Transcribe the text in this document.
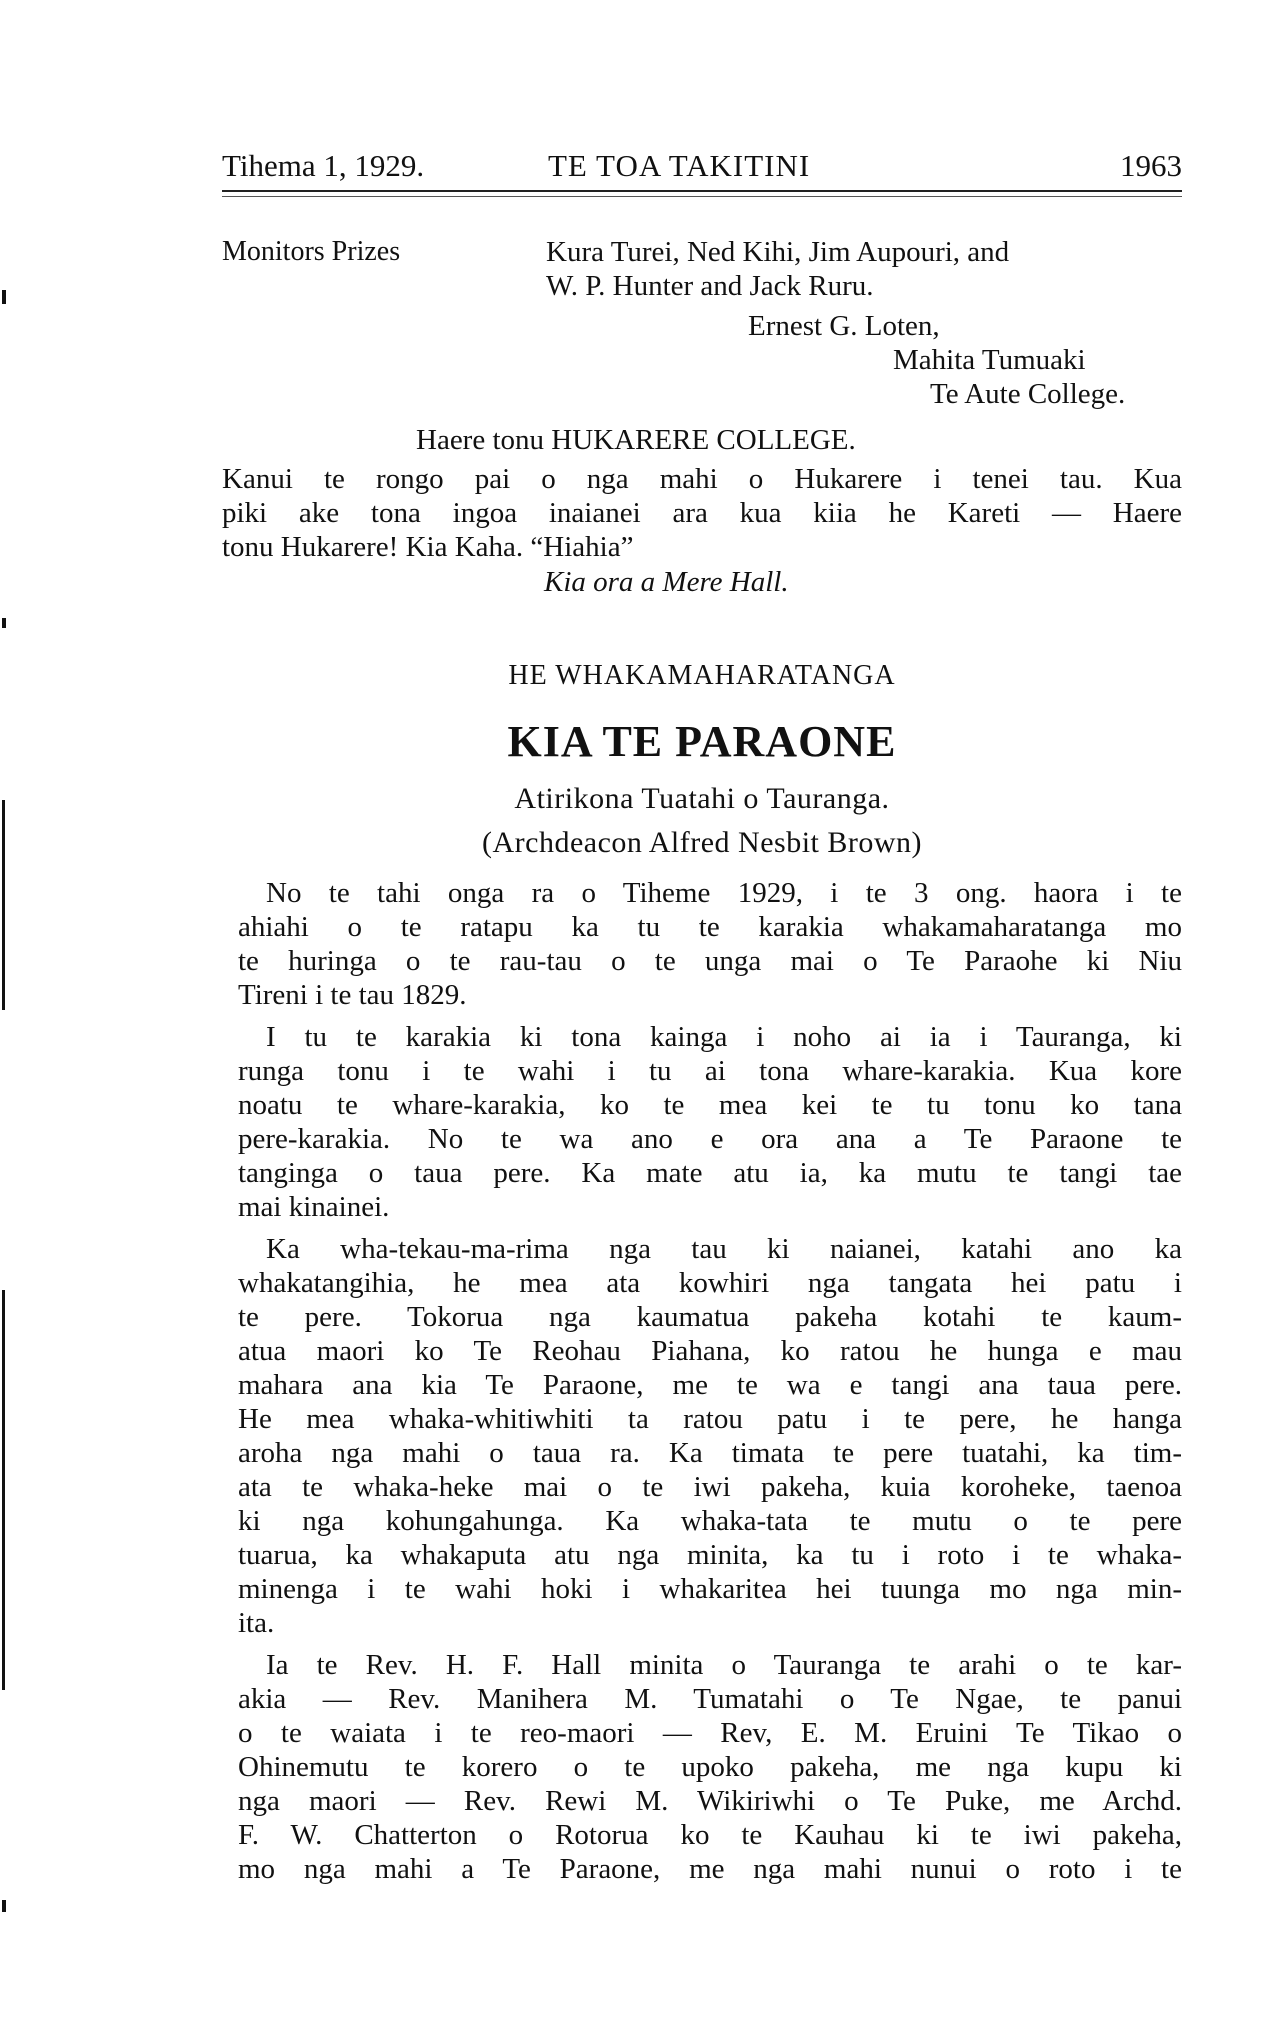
Tihema 1, 1929.	TE TOA TAKITINI	1963
Monitors Prizes	Kura Turei, Ned Kihi, Jim Aupouri, and
W. P. Hunter and Jack Ruru.
Ernest G. Loten,
Mahita Tumuaki
Te Aute College.
Haere tonu HUKARERE COLLEGE.
Kanui te rongo pai o nga mahi o Hukarere i tenei tau. Kua
piki ake tona ingoa inaianei ara kua kiia he Kareti — Haere
tonu Hukarere! Kia Kaha. “Hiahia”
Kia ora a Mere Hall.
HE WHAKAMAHARATANGA
KIA TE PARAONE
Atirikona Tuatahi o Tauranga.
(Archdeacon Alfred Nesbit Brown)
No te tahi onga ra o Tiheme 1929, i te 3 ong. haora i te
ahiahi o te ratapu ka tu te karakia whakamaharatanga mo
te huringa o te rau-tau o te unga mai o Te Paraohe ki Niu
Tireni i te tau 1829.
I tu te karakia ki tona kainga i noho ai ia i Tauranga, ki
runga tonu i te wahi i tu ai tona whare-karakia. Kua kore
noatu te whare-karakia, ko te mea kei te tu tonu ko tana
pere-karakia. No te wa ano e ora ana a Te Paraone te
tanginga o taua pere. Ka mate atu ia, ka mutu te tangi tae
mai kinainei.
Ka wha-tekau-ma-rima nga tau ki naianei, katahi ano ka
whakatangihia, he mea ata kowhiri nga tangata hei patu i
te pere. Tokorua nga kaumatua pakeha kotahi te kaum-
atua maori ko Te Reohau Piahana, ko ratou he hunga e mau
mahara ana kia Te Paraone, me te wa e tangi ana taua pere.
He mea whaka-whitiwhiti ta ratou patu i te pere, he hanga
aroha nga mahi o taua ra. Ka timata te pere tuatahi, ka tim-
ata te whaka-heke mai o te iwi pakeha, kuia koroheke, taenoa
ki nga kohungahunga. Ka whaka-tata te mutu o te pere
tuarua, ka whakaputa atu nga minita, ka tu i roto i te whaka-
minenga i te wahi hoki i whakaritea hei tuunga mo nga min-
ita.
Ia te Rev. H. F. Hall minita o Tauranga te arahi o te kar-
akia — Rev. Manihera M. Tumatahi o Te Ngae, te panui
o te waiata i te reo-maori — Rev, E. M. Eruini Te Tikao o
Ohinemutu te korero o te upoko pakeha, me nga kupu ki
nga maori — Rev. Rewi M. Wikiriwhi o Te Puke, me Archd.
F. W. Chatterton o Rotorua ko te Kauhau ki te iwi pakeha,
mo nga mahi a Te Paraone, me nga mahi nunui o roto i te
